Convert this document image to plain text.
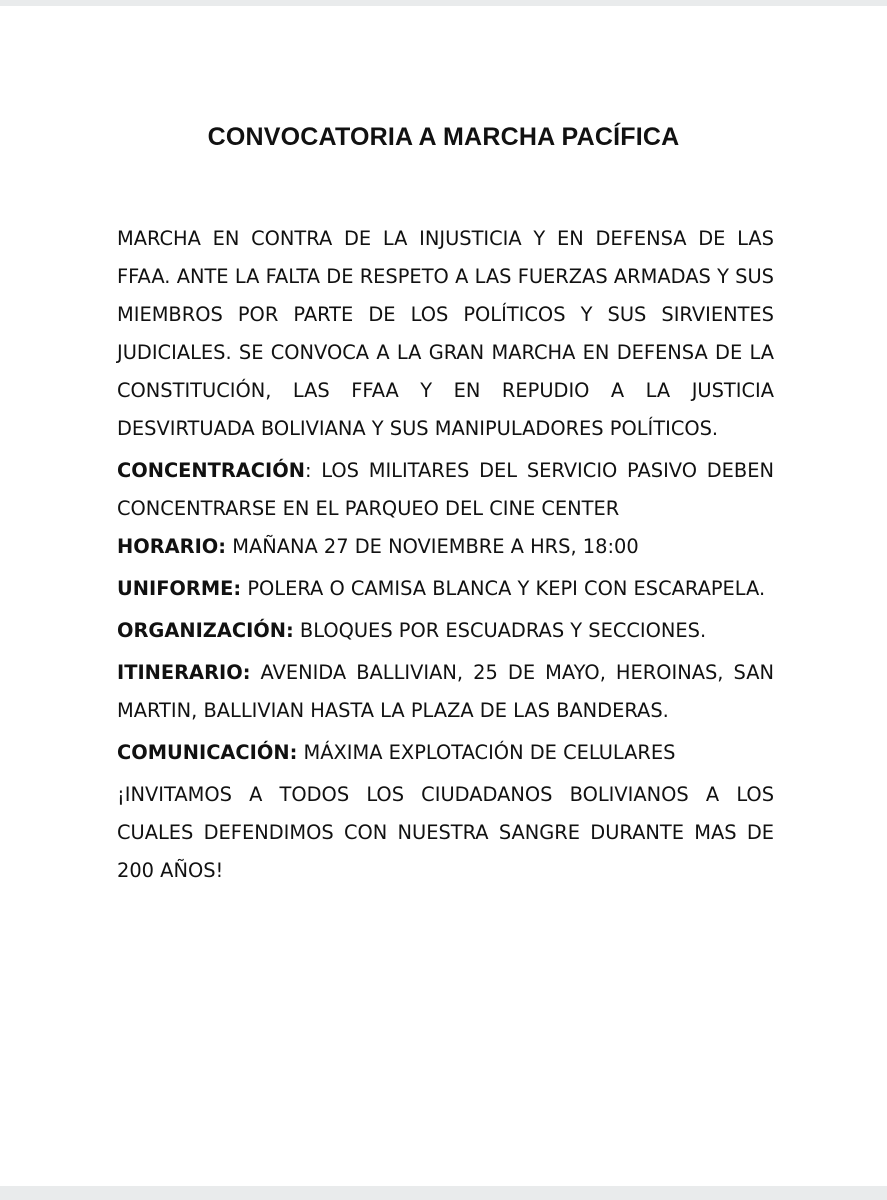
CONVOCATORIA A MARCHA PACÍFICA

MARCHA EN CONTRA DE LA INJUSTICIA Y EN DEFENSA DE LAS FFAA. ANTE LA FALTA DE RESPETO A LAS FUERZAS ARMADAS Y SUS MIEMBROS POR PARTE DE LOS POLÍTICOS Y SUS SIRVIENTES JUDICIALES. SE CONVOCA A LA GRAN MARCHA EN DEFENSA DE LA CONSTITUCIÓN, LAS FFAA Y EN REPUDIO A LA JUSTICIA DESVIRTUADA BOLIVIANA Y SUS MANIPULADORES POLÍTICOS.

CONCENTRACIÓN: LOS MILITARES DEL SERVICIO PASIVO DEBEN CONCENTRARSE EN EL PARQUEO DEL CINE CENTER
HORARIO: MAÑANA 27 DE NOVIEMBRE A HRS, 18:00

UNIFORME: POLERA O CAMISA BLANCA Y KEPI CON ESCARAPELA.

ORGANIZACIÓN: BLOQUES POR ESCUADRAS Y SECCIONES.

ITINERARIO: AVENIDA BALLIVIAN, 25 DE MAYO, HEROINAS, SAN MARTIN, BALLIVIAN HASTA LA PLAZA DE LAS BANDERAS.

COMUNICACIÓN: MÁXIMA EXPLOTACIÓN DE CELULARES

¡INVITAMOS A TODOS LOS CIUDADANOS BOLIVIANOS A LOS CUALES DEFENDIMOS CON NUESTRA SANGRE DURANTE MAS DE 200 AÑOS!
